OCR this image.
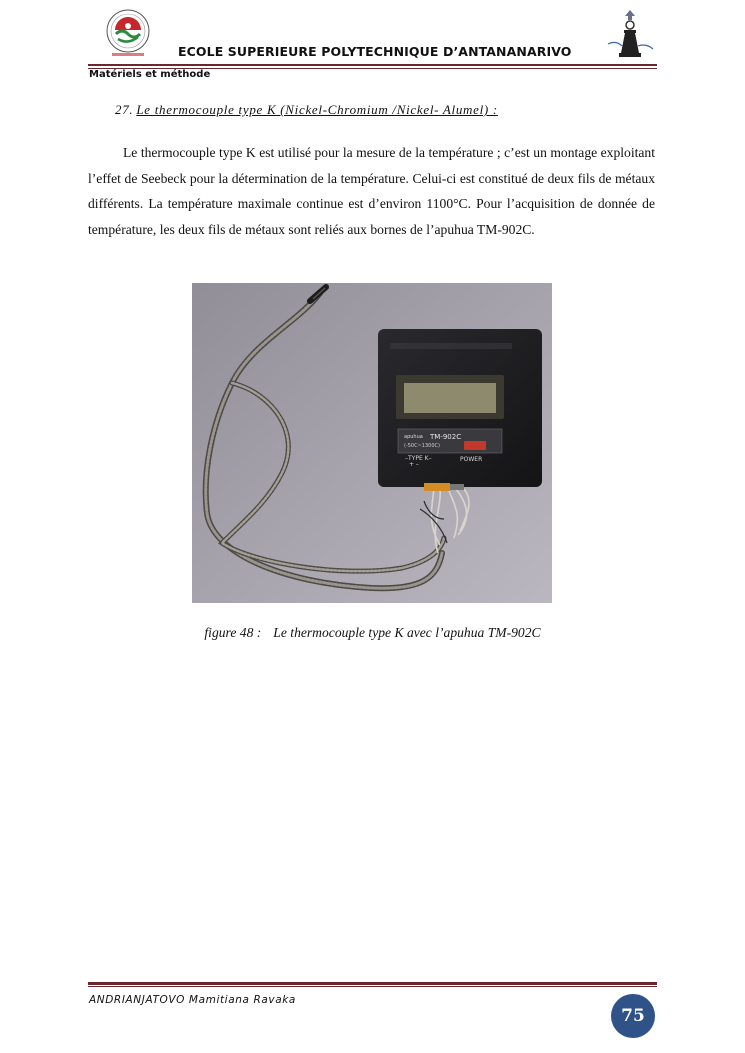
ECOLE SUPERIEURE POLYTECHNIQUE D’ANTANANARIVO
Matériels et méthode
27. Le thermocouple type K (Nickel-Chromium /Nickel- Alumel) :

Le thermocouple type K est utilisé pour la mesure de la température ; c’est un montage exploitant l’effet de Seebeck pour la détermination de la température. Celui-ci est constitué de deux fils de métaux différents. La température maximale continue est d’environ 1100°C. Pour l’acquisition de donnée de température, les deux fils de métaux sont reliés aux bornes de l’apuhua TM-902C.

apuhua TM-902C
(-50C~1300C)
–TYPE K–
+ –
POWER
figure 48 : Le thermocouple type K avec l’apuhua TM-902C
ANDRIANJATOVO Mamitiana Ravaka
75
